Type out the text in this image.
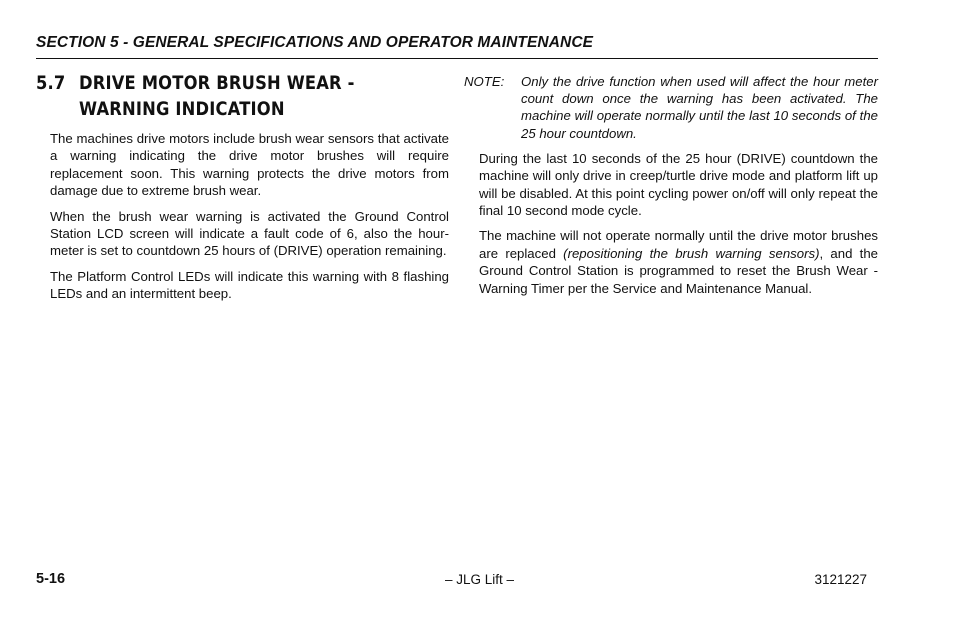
SECTION 5 - GENERAL SPECIFICATIONS AND OPERATOR MAINTENANCE
5.7 DRIVE MOTOR BRUSH WEAR - WARNING INDICATION

The machines drive motors include brush wear sensors that activate a warning indicating the drive motor brushes will require replacement soon. This warning protects the drive motors from damage due to extreme brush wear.

When the brush wear warning is activated the Ground Control Station LCD screen will indicate a fault code of 6, also the hour-meter is set to countdown 25 hours of (DRIVE) operation remaining.

The Platform Control LEDs will indicate this warning with 8 flashing LEDs and an intermittent beep.

NOTE:	Only the drive function when used will affect the hour meter count down once the warning has been activated. The machine will operate normally until the last 10 seconds of the 25 hour countdown.

During the last 10 seconds of the 25 hour (DRIVE) countdown the machine will only drive in creep/turtle drive mode and platform lift up will be disabled. At this point cycling power on/off will only repeat the final 10 second mode cycle.

The machine will not operate normally until the drive motor brushes are replaced (repositioning the brush warning sensors), and the Ground Control Station is programmed to reset the Brush Wear - Warning Timer per the Service and Maintenance Manual.

5-16	– JLG Lift –	3121227
